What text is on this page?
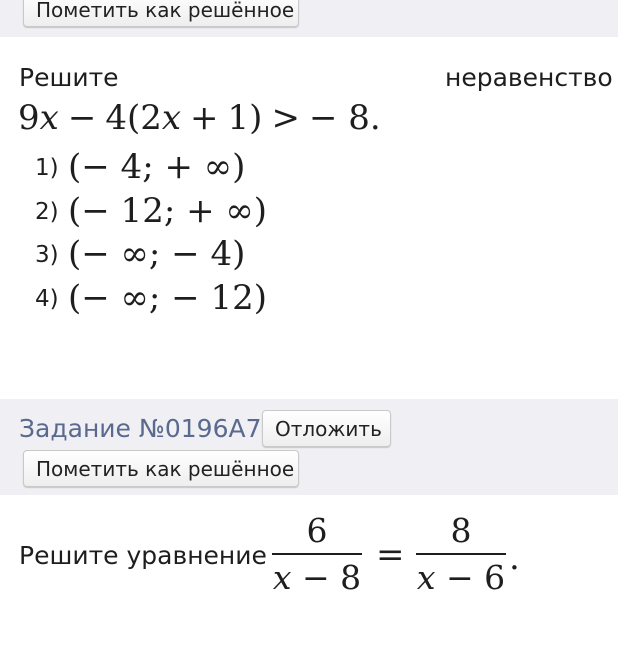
Пометить как решённое
Решите	неравенство
9x − 4(2x + 1) > − 8.
1) (− 4; + ∞)
2) (− 12; + ∞)
3) (− ∞; − 4)
4) (− ∞; − 12)
Задание №0196A7 Отложить
Пометить как решённое
Решите уравнение
6
x − 8
=
8
x − 6 .
